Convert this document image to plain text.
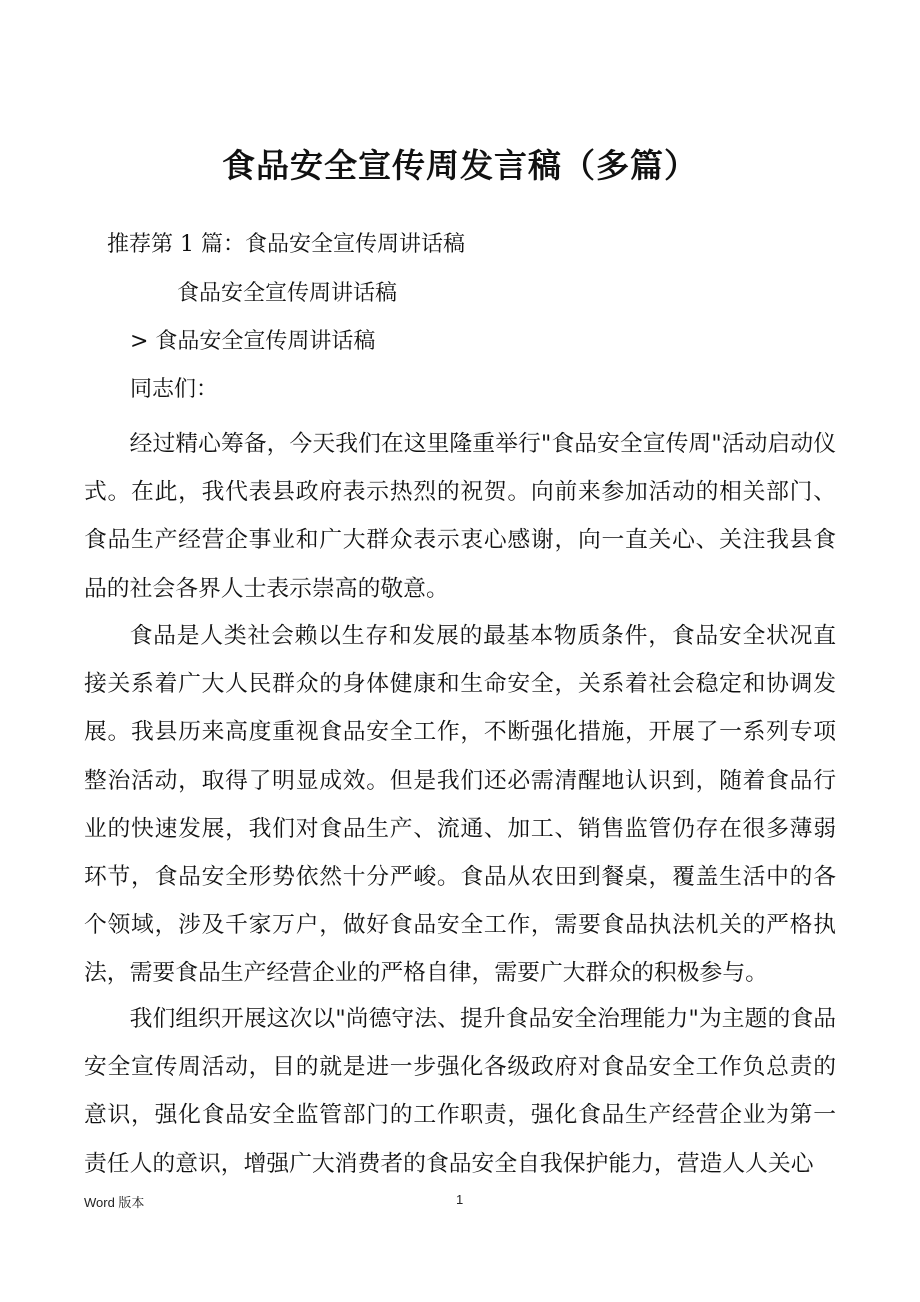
食品安全宣传周发言稿（多篇）
推荐第 1 篇：食品安全宣传周讲话稿
食品安全宣传周讲话稿
> 食品安全宣传周讲话稿
同志们：

经过精心筹备，今天我们在这里隆重举行"食品安全宣传周"活动启动仪式。在此，我代表县政府表示热烈的祝贺。向前来参加活动的相关部门、食品生产经营企事业和广大群众表示衷心感谢，向一直关心、关注我县食品的社会各界人士表示崇高的敬意。

食品是人类社会赖以生存和发展的最基本物质条件，食品安全状况直接关系着广大人民群众的身体健康和生命安全，关系着社会稳定和协调发展。我县历来高度重视食品安全工作，不断强化措施，开展了一系列专项整治活动，取得了明显成效。但是我们还必需清醒地认识到，随着食品行业的快速发展，我们对食品生产、流通、加工、销售监管仍存在很多薄弱环节，食品安全形势依然十分严峻。食品从农田到餐桌，覆盖生活中的各个领域，涉及千家万户，做好食品安全工作，需要食品执法机关的严格执法，需要食品生产经营企业的严格自律，需要广大群众的积极参与。

我们组织开展这次以"尚德守法、提升食品安全治理能力"为主题的食品安全宣传周活动，目的就是进一步强化各级政府对食品安全工作负总责的意识，强化食品安全监管部门的工作职责，强化食品生产经营企业为第一责任人的意识，增强广大消费者的食品安全自我保护能力，营造人人关心

Word 版本	1
